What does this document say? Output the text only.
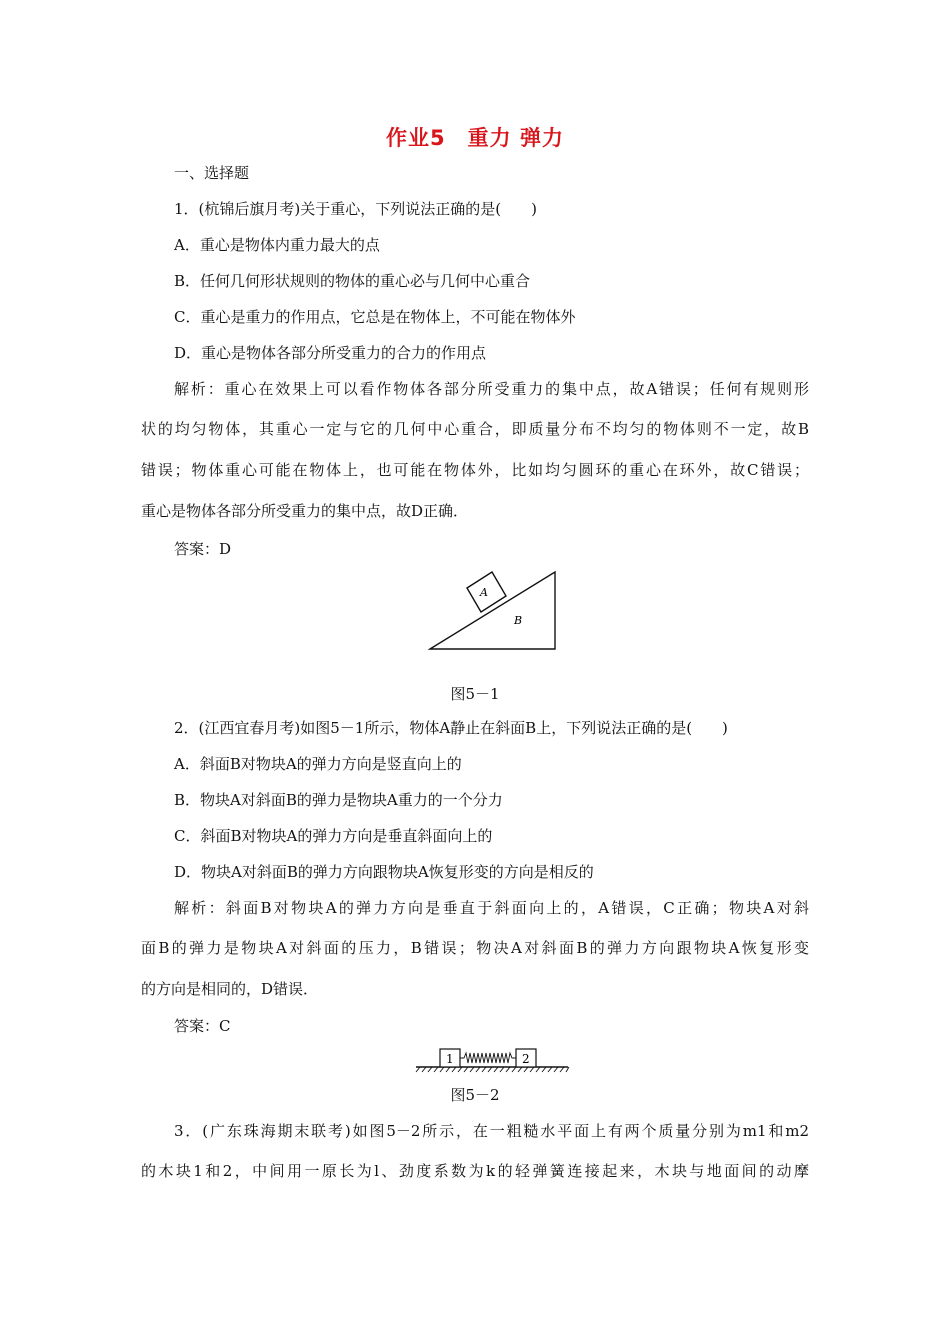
作业5　重力 弹力
一、选择题
1．(杭锦后旗月考)关于重心，下列说法正确的是(　　)
A．重心是物体内重力最大的点
B．任何几何形状规则的物体的重心必与几何中心重合
C．重心是重力的作用点，它总是在物体上，不可能在物体外
D．重心是物体各部分所受重力的合力的作用点
解析：重心在效果上可以看作物体各部分所受重力的集中点，故A错误；任何有规则形
状的均匀物体，其重心一定与它的几何中心重合，即质量分布不均匀的物体则不一定，故B
错误；物体重心可能在物体上，也可能在物体外，比如均匀圆环的重心在环外，故C错误；
重心是物体各部分所受重力的集中点，故D正确．
答案：D
A
B
图5－1
2．(江西宜春月考)如图5－1所示，物体A静止在斜面B上，下列说法正确的是(　　)
A．斜面B对物块A的弹力方向是竖直向上的
B．物块A对斜面B的弹力是物块A重力的一个分力
C．斜面B对物块A的弹力方向是垂直斜面向上的
D．物块A对斜面B的弹力方向跟物块A恢复形变的方向是相反的
解析：斜面B对物块A的弹力方向是垂直于斜面向上的，A错误，C正确；物块A对斜
面B的弹力是物块A对斜面的压力，B错误；物决A对斜面B的弹力方向跟物块A恢复形变
的方向是相同的，D错误．
答案：C
1	2
图5－2
3．(广东珠海期末联考)如图5－2所示，在一粗糙水平面上有两个质量分别为m1和m2
的木块1和2，中间用一原长为l、劲度系数为k的轻弹簧连接起来，木块与地面间的动摩
